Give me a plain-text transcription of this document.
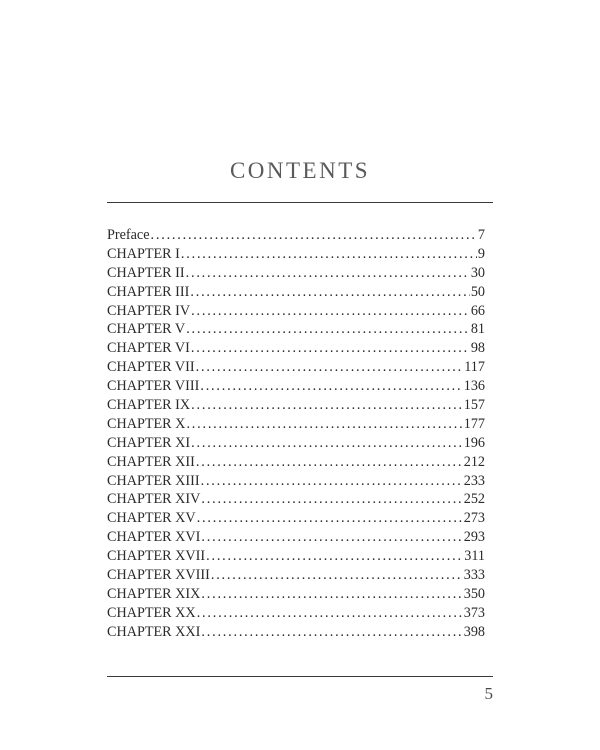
CONTENTS
Preface .....	7
CHAPTER I .....	9
CHAPTER II .....	30
CHAPTER III .....	50
CHAPTER IV .....	66
CHAPTER V .....	81
CHAPTER VI .....	98
CHAPTER VII .....	117
CHAPTER VIII .....	136
CHAPTER IX .....	157
CHAPTER X .....	177
CHAPTER XI .....	196
CHAPTER XII .....	212
CHAPTER XIII .....	233
CHAPTER XIV .....	252
CHAPTER XV .....	273
CHAPTER XVI .....	293
CHAPTER XVII .....	311
CHAPTER XVIII .....	333
CHAPTER XIX .....	350
CHAPTER XX .....	373
CHAPTER XXI .....	398
5
